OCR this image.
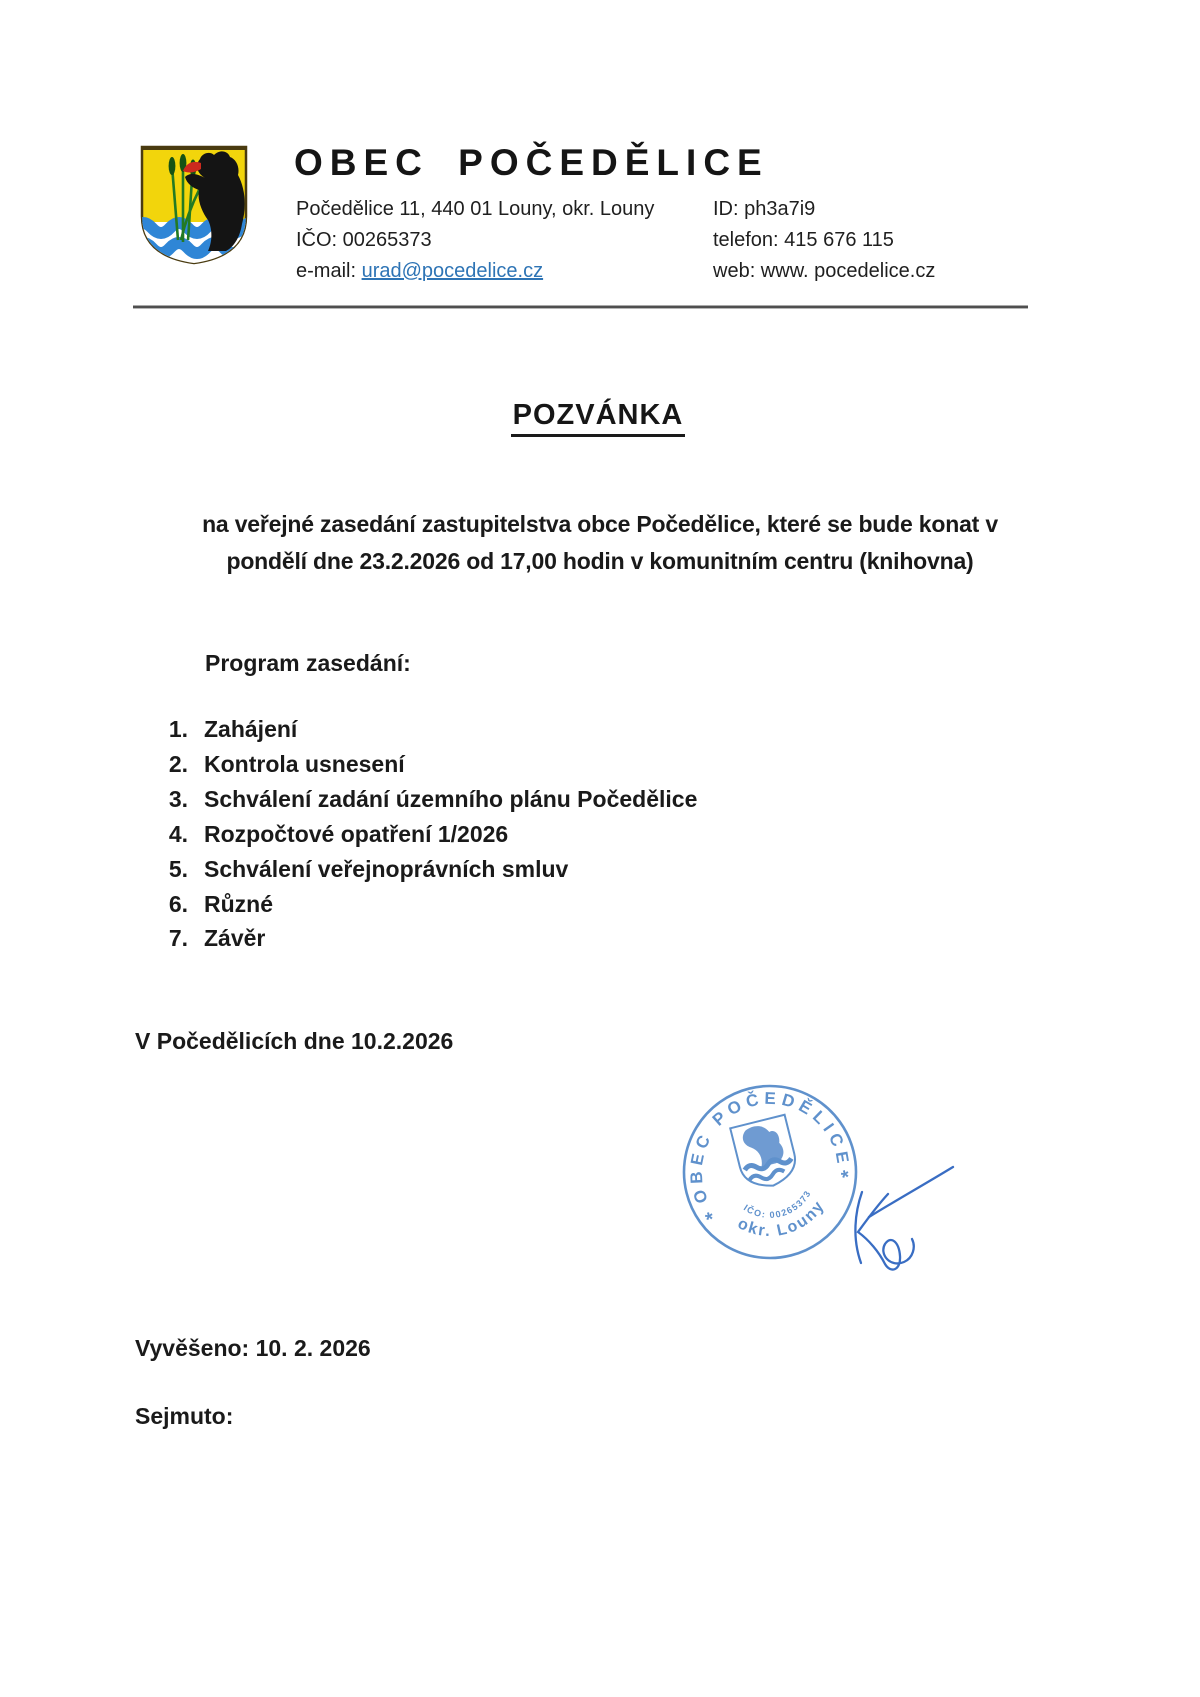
OBEC POČEDĚLICE
Počedělice 11, 440 01 Louny, okr. Louny
IČO: 00265373
e-mail: urad@pocedelice.cz
ID: ph3a7i9
telefon: 415 676 115
web: www. pocedelice.cz
POZVÁNKA
na veřejné zasedání zastupitelstva obce Počedělice, které se bude konat v
pondělí dne 23.2.2026 od 17,00 hodin v komunitním centru (knihovna)
Program zasedání:
1. Zahájení
2. Kontrola usnesení
3. Schválení zadání územního plánu Počedělice
4. Rozpočtové opatření 1/2026
5. Schválení veřejnoprávních smluv
6. Různé
7. Závěr
V Počedělicích dne 10.2.2026
OBEC POČEDĚLICE
okr. Louny
IČO: 00265373
*
*
Vyvěšeno: 10. 2. 2026
Sejmuto:
